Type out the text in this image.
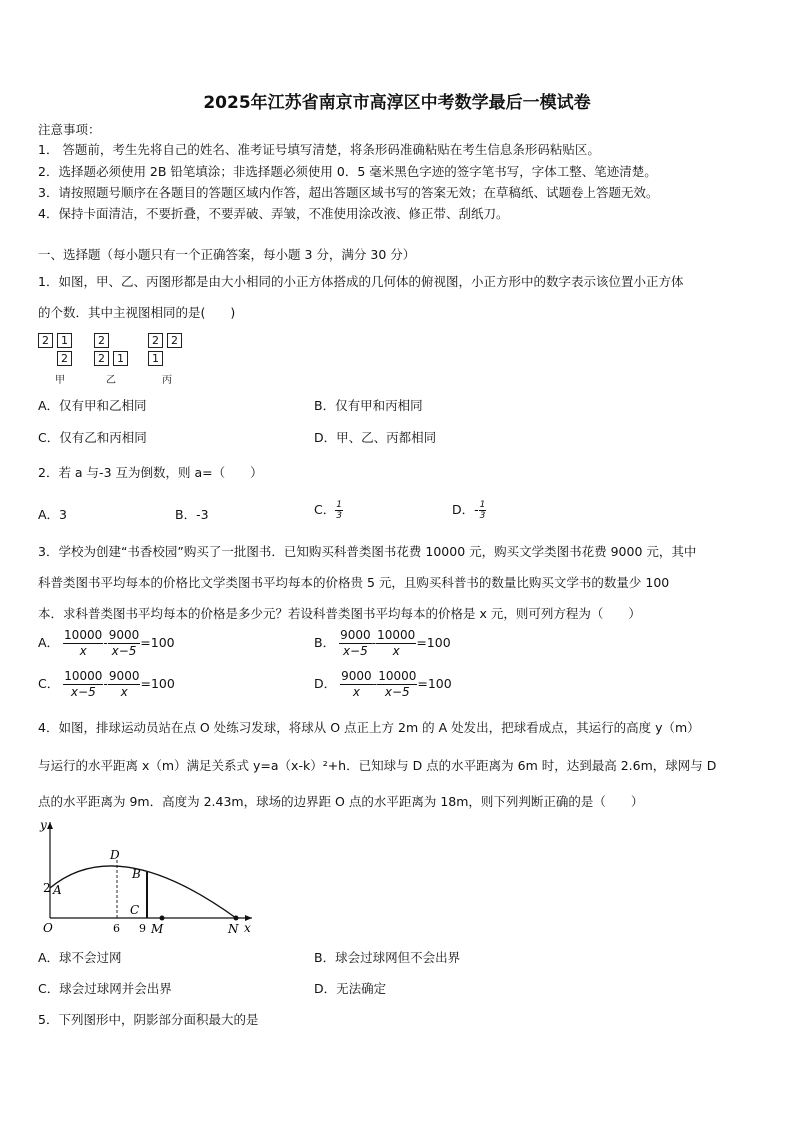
2025年江苏省南京市高淳区中考数学最后一模试卷
注意事项：
1． 答题前，考生先将自己的姓名、准考证号填写清楚，将条形码准确粘贴在考生信息条形码粘贴区。
2．选择题必须使用 2B 铅笔填涂；非选择题必须使用 0．5 毫米黑色字迹的签字笔书写，字体工整、笔迹清楚。
3．请按照题号顺序在各题目的答题区域内作答，超出答题区域书写的答案无效；在草稿纸、试题卷上答题无效。
4．保持卡面清洁，不要折叠，不要弄破、弄皱，不准使用涂改液、修正带、刮纸刀。
一、选择题（每小题只有一个正确答案，每小题 3 分，满分 30 分）
1．如图，甲、乙、丙图形都是由大小相同的小正方体搭成的几何体的俯视图，小正方形中的数字表示该位置小正方体
的个数．其中主视图相同的是(　　)
2	1
2
甲
2
2	1
乙
2	2
1
丙
A．仅有甲和乙相同	B．仅有甲和丙相同
C．仅有乙和丙相同	D．甲、乙、丙都相同
2．若 a 与-3 互为倒数，则 a=（　　）
A．3	B．-3	C． $\frac{1}{3}$	D．- $\frac{1}{3}$
3．学校为创建“书香校园”购买了一批图书．已知购买科普类图书花费 10000 元，购买文学类图书花费 9000 元，其中
科普类图书平均每本的价格比文学类图书平均每本的价格贵 5 元，且购买科普书的数量比购买文学书的数量少 100
本．求科普类图书平均每本的价格是多少元？若设科普类图书平均每本的价格是 x 元，则可列方程为（　　）
A． $\frac{10000}{x} - \frac{9000}{x-5} =100$	B． $\frac{9000}{x-5} - \frac{10000}{x} =100$
C． $\frac{10000}{x-5} - \frac{9000}{x} =100$	D． $\frac{9000}{x} - \frac{10000}{x-5} =100$
4．如图，排球运动员站在点 O 处练习发球，将球从 O 点正上方 2m 的 A 处发出，把球看成点，其运行的高度 y（m）
与运行的水平距离 x（m）满足关系式 y=a（x-k）²+h．已知球与 D 点的水平距离为 6m 时，达到最高 2.6m，球网与 D
点的水平距离为 9m．高度为 2.43m，球场的边界距 O 点的水平距离为 18m，则下列判断正确的是（　　）
y
x
O
2 A
D
B
C
6 9 M	N
A．球不会过网	B．球会过球网但不会出界
C．球会过球网并会出界	D．无法确定
5．下列图形中，阴影部分面积最大的是
